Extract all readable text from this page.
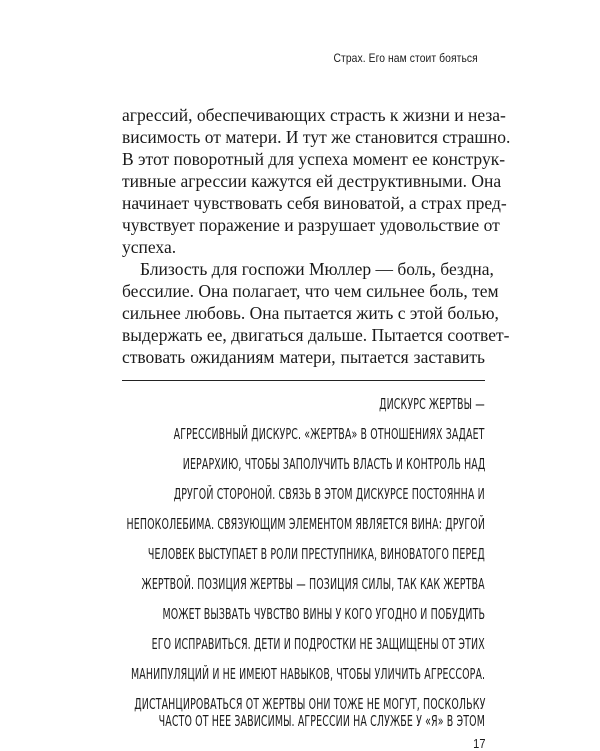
Страх. Его нам стоит бояться
агрессий, обеспечивающих страсть к жизни и неза-
висимость от матери. И тут же становится страшно.
В этот поворотный для успеха момент ее конструк-
тивные агрессии кажутся ей деструктивными. Она
начинает чувствовать себя виноватой, а страх пред-
чувствует поражение и разрушает удовольствие от
успеха.
Близость для госпожи Мюллер — боль, бездна,
бессилие. Она полагает, что чем сильнее боль, тем
сильнее любовь. Она пытается жить с этой болью,
выдержать ее, двигаться дальше. Пытается соответ-
ствовать ожиданиям матери, пытается заставить
ДИСКУРС ЖЕРТВЫ —
АГРЕССИВНЫЙ ДИСКУРС. «ЖЕРТВА» В ОТНОШЕНИЯХ ЗАДАЕТ
ИЕРАРХИЮ, ЧТОБЫ ЗАПОЛУЧИТЬ ВЛАСТЬ И КОНТРОЛЬ НАД
ДРУГОЙ СТОРОНОЙ. СВЯЗЬ В ЭТОМ ДИСКУРСЕ ПОСТОЯННА И
НЕПОКОЛЕБИМА. СВЯЗУЮЩИМ ЭЛЕМЕНТОМ ЯВЛЯЕТСЯ ВИНА: ДРУГОЙ
ЧЕЛОВЕК ВЫСТУПАЕТ В РОЛИ ПРЕСТУПНИКА, ВИНОВАТОГО ПЕРЕД
ЖЕРТВОЙ. ПОЗИЦИЯ ЖЕРТВЫ — ПОЗИЦИЯ СИЛЫ, ТАК КАК ЖЕРТВА
МОЖЕТ ВЫЗВАТЬ ЧУВСТВО ВИНЫ У КОГО УГОДНО И ПОБУДИТЬ
ЕГО ИСПРАВИТЬСЯ. ДЕТИ И ПОДРОСТКИ НЕ ЗАЩИЩЕНЫ ОТ ЭТИХ
МАНИПУЛЯЦИЙ И НЕ ИМЕЮТ НАВЫКОВ, ЧТОБЫ УЛИЧИТЬ АГРЕССОРА.
ДИСТАНЦИРОВАТЬСЯ ОТ ЖЕРТВЫ ОНИ ТОЖЕ НЕ МОГУТ, ПОСКОЛЬКУ
ЧАСТО ОТ НЕЕ ЗАВИСИМЫ. АГРЕССИИ НА СЛУЖБЕ У «Я» В ЭТОМ
17
